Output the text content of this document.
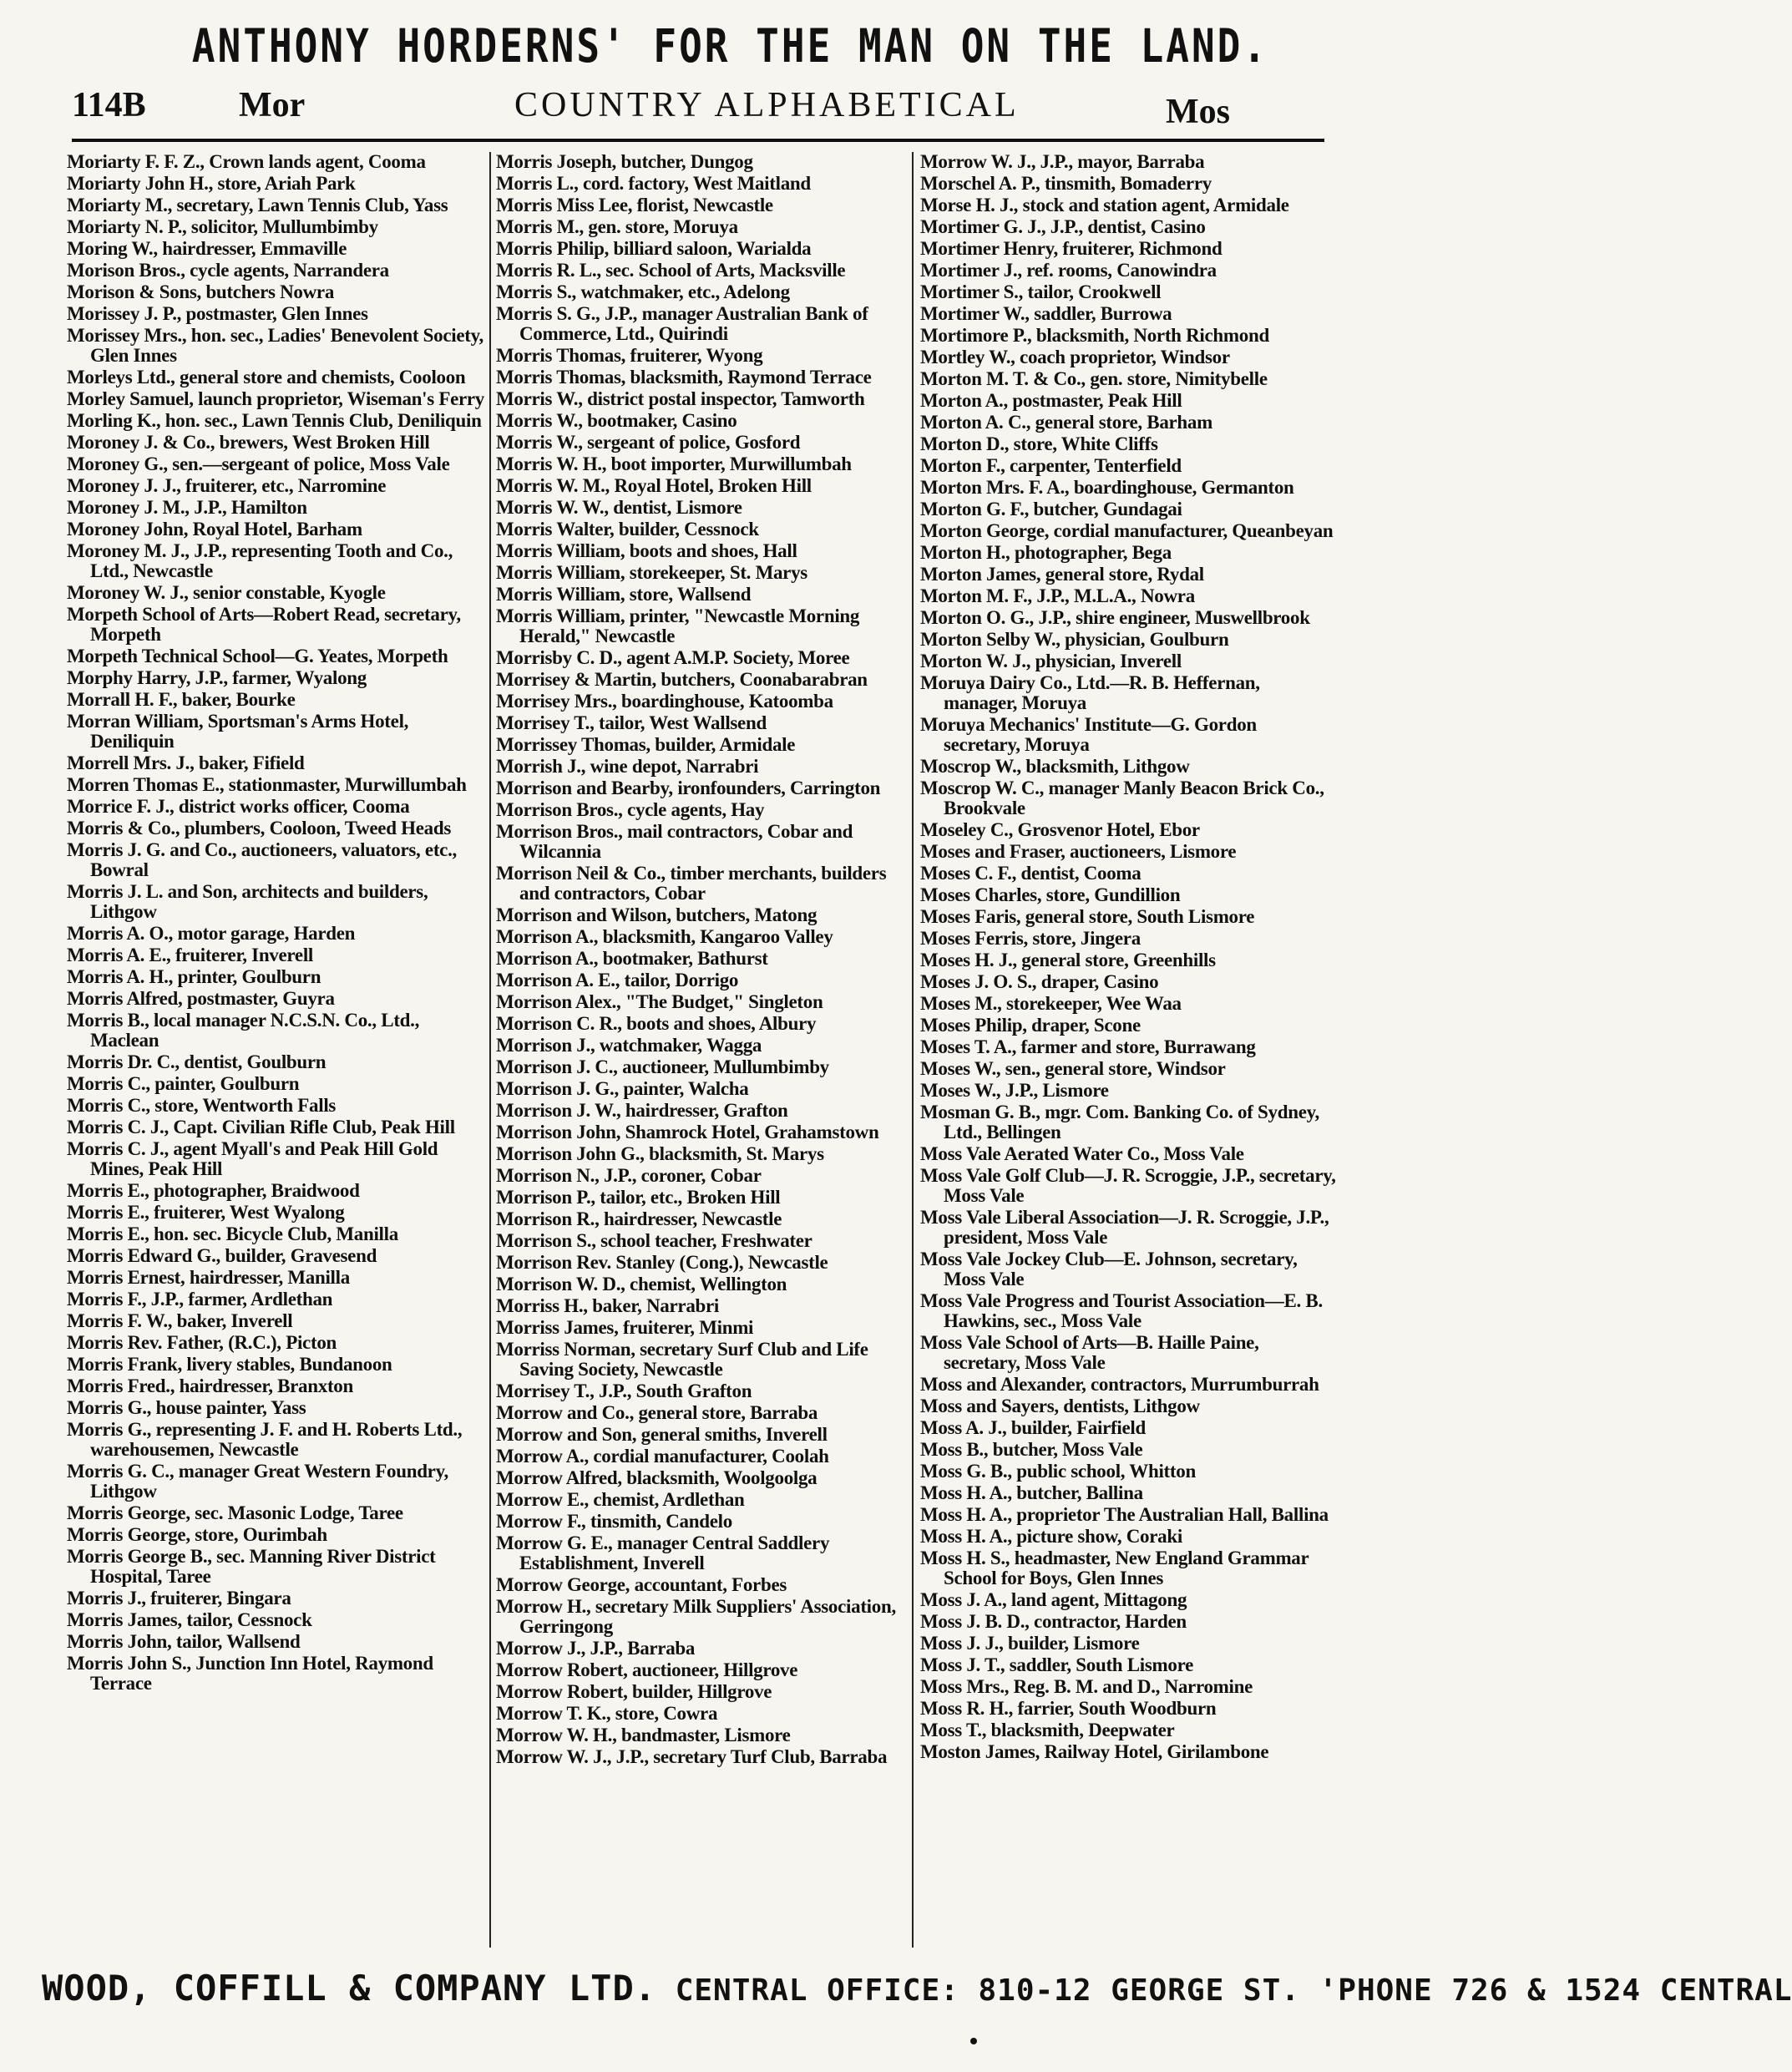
ANTHONY HORDERNS' FOR THE MAN ON THE LAND.
114B	Mor	COUNTRY ALPHABETICAL	Mos
Moriarty F. F. Z., Crown lands agent, Cooma
Moriarty John H., store, Ariah Park
Moriarty M., secretary, Lawn Tennis Club, Yass
Moriarty N. P., solicitor, Mullumbimby
Moring W., hairdresser, Emmaville
Morison Bros., cycle agents, Narrandera
Morison & Sons, butchers Nowra
Morissey J. P., postmaster, Glen Innes
Morissey Mrs., hon. sec., Ladies' Benevolent Society, Glen Innes
Morleys Ltd., general store and chemists, Cooloon
Morley Samuel, launch proprietor, Wiseman's Ferry
Morling K., hon. sec., Lawn Tennis Club, Deniliquin
Moroney J. & Co., brewers, West Broken Hill
Moroney G., sen.—sergeant of police, Moss Vale
Moroney J. J., fruiterer, etc., Narromine
Moroney J. M., J.P., Hamilton
Moroney John, Royal Hotel, Barham
Moroney M. J., J.P., representing Tooth and Co., Ltd., Newcastle
Moroney W. J., senior constable, Kyogle
Morpeth School of Arts—Robert Read, secretary, Morpeth
Morpeth Technical School—G. Yeates, Morpeth
Morphy Harry, J.P., farmer, Wyalong
Morrall H. F., baker, Bourke
Morran William, Sportsman's Arms Hotel, Deniliquin
Morrell Mrs. J., baker, Fifield
Morren Thomas E., stationmaster, Murwillumbah
Morrice F. J., district works officer, Cooma
Morris & Co., plumbers, Cooloon, Tweed Heads
Morris J. G. and Co., auctioneers, valuators, etc., Bowral
Morris J. L. and Son, architects and builders, Lithgow
Morris A. O., motor garage, Harden
Morris A. E., fruiterer, Inverell
Morris A. H., printer, Goulburn
Morris Alfred, postmaster, Guyra
Morris B., local manager N.C.S.N. Co., Ltd., Maclean
Morris Dr. C., dentist, Goulburn
Morris C., painter, Goulburn
Morris C., store, Wentworth Falls
Morris C. J., Capt. Civilian Rifle Club, Peak Hill
Morris C. J., agent Myall's and Peak Hill Gold Mines, Peak Hill
Morris E., photographer, Braidwood
Morris E., fruiterer, West Wyalong
Morris E., hon. sec. Bicycle Club, Manilla
Morris Edward G., builder, Gravesend
Morris Ernest, hairdresser, Manilla
Morris F., J.P., farmer, Ardlethan
Morris F. W., baker, Inverell
Morris Rev. Father, (R.C.), Picton
Morris Frank, livery stables, Bundanoon
Morris Fred., hairdresser, Branxton
Morris G., house painter, Yass
Morris G., representing J. F. and H. Roberts Ltd., warehousemen, Newcastle
Morris G. C., manager Great Western Foundry, Lithgow
Morris George, sec. Masonic Lodge, Taree
Morris George, store, Ourimbah
Morris George B., sec. Manning River District Hospital, Taree
Morris J., fruiterer, Bingara
Morris James, tailor, Cessnock
Morris John, tailor, Wallsend
Morris John S., Junction Inn Hotel, Raymond Terrace
Morris Joseph, butcher, Dungog
Morris L., cord. factory, West Maitland
Morris Miss Lee, florist, Newcastle
Morris M., gen. store, Moruya
Morris Philip, billiard saloon, Warialda
Morris R. L., sec. School of Arts, Macksville
Morris S., watchmaker, etc., Adelong
Morris S. G., J.P., manager Australian Bank of Commerce, Ltd., Quirindi
Morris Thomas, fruiterer, Wyong
Morris Thomas, blacksmith, Raymond Terrace
Morris W., district postal inspector, Tamworth
Morris W., bootmaker, Casino
Morris W., sergeant of police, Gosford
Morris W. H., boot importer, Murwillumbah
Morris W. M., Royal Hotel, Broken Hill
Morris W. W., dentist, Lismore
Morris Walter, builder, Cessnock
Morris William, boots and shoes, Hall
Morris William, storekeeper, St. Marys
Morris William, store, Wallsend
Morris William, printer, "Newcastle Morning Herald," Newcastle
Morrisby C. D., agent A.M.P. Society, Moree
Morrisey & Martin, butchers, Coonabarabran
Morrisey Mrs., boardinghouse, Katoomba
Morrisey T., tailor, West Wallsend
Morrissey Thomas, builder, Armidale
Morrish J., wine depot, Narrabri
Morrison and Bearby, ironfounders, Carrington
Morrison Bros., cycle agents, Hay
Morrison Bros., mail contractors, Cobar and Wilcannia
Morrison Neil & Co., timber merchants, builders and contractors, Cobar
Morrison and Wilson, butchers, Matong
Morrison A., blacksmith, Kangaroo Valley
Morrison A., bootmaker, Bathurst
Morrison A. E., tailor, Dorrigo
Morrison Alex., "The Budget," Singleton
Morrison C. R., boots and shoes, Albury
Morrison J., watchmaker, Wagga
Morrison J. C., auctioneer, Mullumbimby
Morrison J. G., painter, Walcha
Morrison J. W., hairdresser, Grafton
Morrison John, Shamrock Hotel, Grahamstown
Morrison John G., blacksmith, St. Marys
Morrison N., J.P., coroner, Cobar
Morrison P., tailor, etc., Broken Hill
Morrison R., hairdresser, Newcastle
Morrison S., school teacher, Freshwater
Morrison Rev. Stanley (Cong.), Newcastle
Morrison W. D., chemist, Wellington
Morriss H., baker, Narrabri
Morriss James, fruiterer, Minmi
Morriss Norman, secretary Surf Club and Life Saving Society, Newcastle
Morrisey T., J.P., South Grafton
Morrow and Co., general store, Barraba
Morrow and Son, general smiths, Inverell
Morrow A., cordial manufacturer, Coolah
Morrow Alfred, blacksmith, Woolgoolga
Morrow E., chemist, Ardlethan
Morrow F., tinsmith, Candelo
Morrow G. E., manager Central Saddlery Establishment, Inverell
Morrow George, accountant, Forbes
Morrow H., secretary Milk Suppliers' Association, Gerringong
Morrow J., J.P., Barraba
Morrow Robert, auctioneer, Hillgrove
Morrow Robert, builder, Hillgrove
Morrow T. K., store, Cowra
Morrow W. H., bandmaster, Lismore
Morrow W. J., J.P., secretary Turf Club, Barraba
Morrow W. J., J.P., mayor, Barraba
Morschel A. P., tinsmith, Bomaderry
Morse H. J., stock and station agent, Armidale
Mortimer G. J., J.P., dentist, Casino
Mortimer Henry, fruiterer, Richmond
Mortimer J., ref. rooms, Canowindra
Mortimer S., tailor, Crookwell
Mortimer W., saddler, Burrowa
Mortimore P., blacksmith, North Richmond
Mortley W., coach proprietor, Windsor
Morton M. T. & Co., gen. store, Nimitybelle
Morton A., postmaster, Peak Hill
Morton A. C., general store, Barham
Morton D., store, White Cliffs
Morton F., carpenter, Tenterfield
Morton Mrs. F. A., boardinghouse, Germanton
Morton G. F., butcher, Gundagai
Morton George, cordial manufacturer, Queanbeyan
Morton H., photographer, Bega
Morton James, general store, Rydal
Morton M. F., J.P., M.L.A., Nowra
Morton O. G., J.P., shire engineer, Muswellbrook
Morton Selby W., physician, Goulburn
Morton W. J., physician, Inverell
Moruya Dairy Co., Ltd.—R. B. Heffernan, manager, Moruya
Moruya Mechanics' Institute—G. Gordon secretary, Moruya
Moscrop W., blacksmith, Lithgow
Moscrop W. C., manager Manly Beacon Brick Co., Brookvale
Moseley C., Grosvenor Hotel, Ebor
Moses and Fraser, auctioneers, Lismore
Moses C. F., dentist, Cooma
Moses Charles, store, Gundillion
Moses Faris, general store, South Lismore
Moses Ferris, store, Jingera
Moses H. J., general store, Greenhills
Moses J. O. S., draper, Casino
Moses M., storekeeper, Wee Waa
Moses Philip, draper, Scone
Moses T. A., farmer and store, Burrawang
Moses W., sen., general store, Windsor
Moses W., J.P., Lismore
Mosman G. B., mgr. Com. Banking Co. of Sydney, Ltd., Bellingen
Moss Vale Aerated Water Co., Moss Vale
Moss Vale Golf Club—J. R. Scroggie, J.P., secretary, Moss Vale
Moss Vale Liberal Association—J. R. Scroggie, J.P., president, Moss Vale
Moss Vale Jockey Club—E. Johnson, secretary, Moss Vale
Moss Vale Progress and Tourist Association—E. B. Hawkins, sec., Moss Vale
Moss Vale School of Arts—B. Haille Paine, secretary, Moss Vale
Moss and Alexander, contractors, Murrumburrah
Moss and Sayers, dentists, Lithgow
Moss A. J., builder, Fairfield
Moss B., butcher, Moss Vale
Moss G. B., public school, Whitton
Moss H. A., butcher, Ballina
Moss H. A., proprietor The Australian Hall, Ballina
Moss H. A., picture show, Coraki
Moss H. S., headmaster, New England Grammar School for Boys, Glen Innes
Moss J. A., land agent, Mittagong
Moss J. B. D., contractor, Harden
Moss J. J., builder, Lismore
Moss J. T., saddler, South Lismore
Moss Mrs., Reg. B. M. and D., Narromine
Moss R. H., farrier, South Woodburn
Moss T., blacksmith, Deepwater
Moston James, Railway Hotel, Girilambone
WOOD, COFFILL & COMPANY LTD. CENTRAL OFFICE: 810-12 GEORGE ST. 'PHONE 726 & 1524 CENTRAL
